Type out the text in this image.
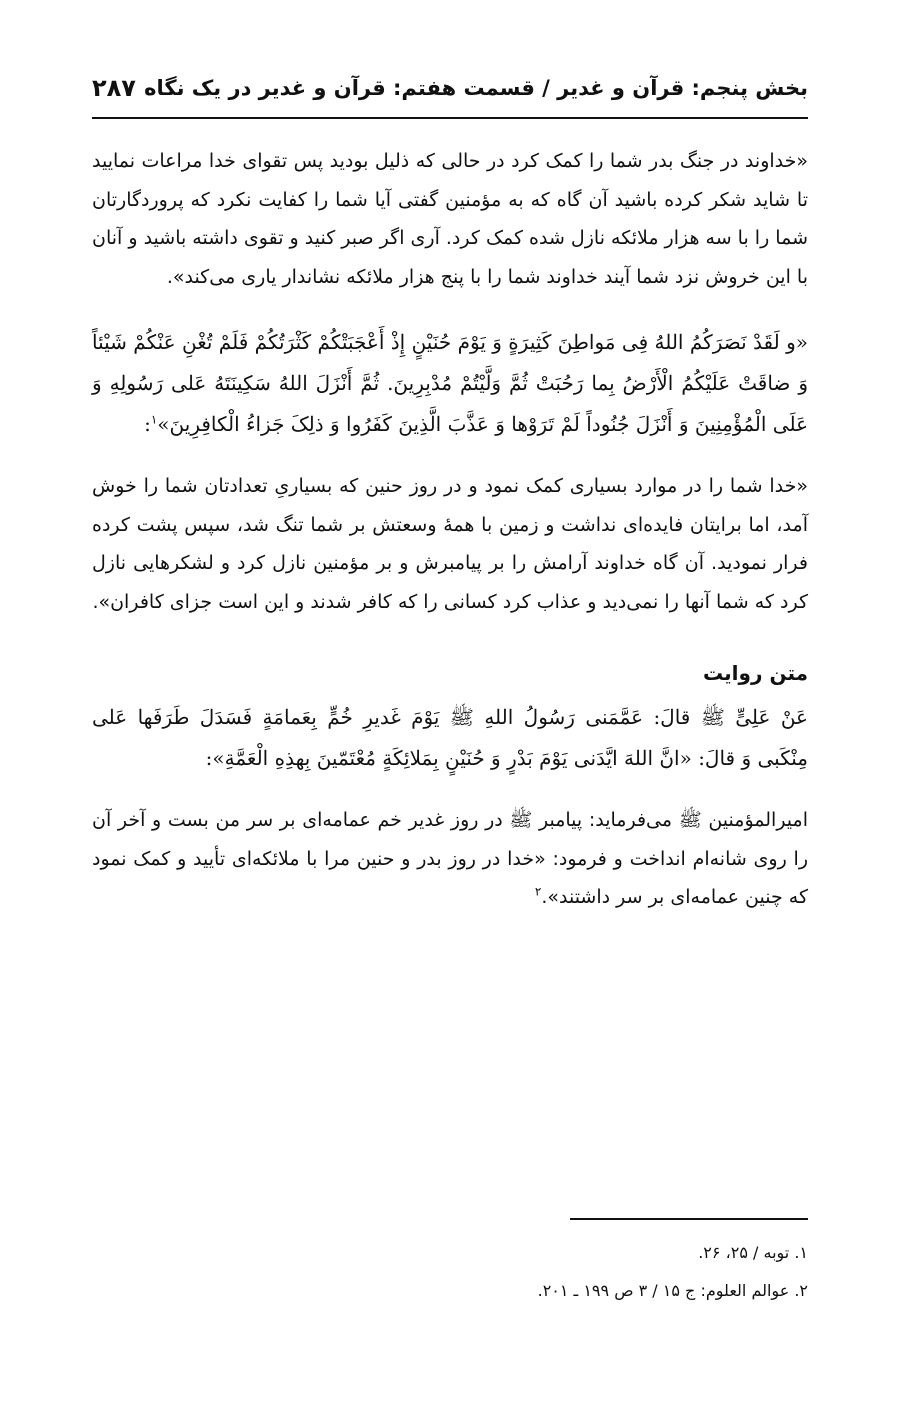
بخش پنجم: قرآن و غدیر / قسمت هفتم: قرآن و غدیر در یک نگاه
۲۸۷

«خداوند در جنگ بدر شما را کمک کرد در حالی که ذلیل بودید پس تقوای خدا مراعات نمایید تا شاید شکر کرده باشید آن گاه که به مؤمنین گفتی آیا شما را کفایت نکرد که پروردگارتان شما را با سه هزار ملائکه نازل شده کمک کرد. آری اگر صبر کنید و تقوی داشته باشید و آنان با این خروش نزد شما آیند خداوند شما را با پنج هزار ملائکه نشاندار یاری می‌کند».

«و لَقَدْ نَصَرَکُمُ اللهُ فِی مَواطِنَ کَثِیرَةٍ وَ یَوْمَ حُنَیْنٍ إِذْ أَعْجَبَتْکُمْ کَثْرَتُکُمْ فَلَمْ تُغْنِ عَنْکُمْ شَیْئاً وَ ضاقَتْ عَلَیْکُمُ الْأَرْضُ بِما رَحُبَتْ ثُمَّ وَلَّیْتُمْ مُدْبِرِینَ. ثُمَّ أَنْزَلَ اللهُ سَکِینَتَهُ عَلی رَسُولِهِ وَ عَلَی الْمُؤْمِنِینَ وَ أَنْزَلَ جُنُوداً لَمْ تَرَوْها وَ عَذَّبَ الَّذِینَ کَفَرُوا وَ ذلِکَ جَزاءُ الْکافِرِینَ»$^۱$:

«خدا شما را در موارد بسیاری کمک نمود و در روز حنین که بسیاریِ تعدادتان شما را خوش آمد، اما برایتان فایده‌ای نداشت و زمین با همهٔ وسعتش بر شما تنگ شد، سپس پشت کرده فرار نمودید. آن گاه خداوند آرامش را بر پیامبرش و بر مؤمنین نازل کرد و لشکرهایی نازل کرد که شما آنها را نمی‌دید و عذاب کرد کسانی را که کافر شدند و این است جزای کافران».

متن روایت

عَنْ عَلِیٍّ ﷺ قالَ: عَمَّمَنی رَسُولُ اللهِ ﷺ یَوْمَ غَدیرِ خُمٍّ بِعَمامَةٍ فَسَدَلَ طَرَفَها عَلی مِنْکَبی وَ قالَ: «انَّ اللهَ ایَّدَنی یَوْمَ بَدْرٍ وَ حُنَیْنٍ بِمَلائِکَةٍ مُعْتَمّینَ بِهذِهِ الْعَمَّةِ»:

امیرالمؤمنین ﷺ می‌فرماید: پیامبر ﷺ در روز غدیر خم عمامه‌ای بر سر من بست و آخر آن را روی شانه‌ام انداخت و فرمود: «خدا در روز بدر و حنین مرا با ملائکه‌ای تأیید و کمک نمود که چنین عمامه‌ای بر سر داشتند».$^۲$

۱. توبه / ۲۵، ۲۶.

۲. عوالم العلوم: ج ۱۵ / ۳ ص ۱۹۹ ـ ۲۰۱.
